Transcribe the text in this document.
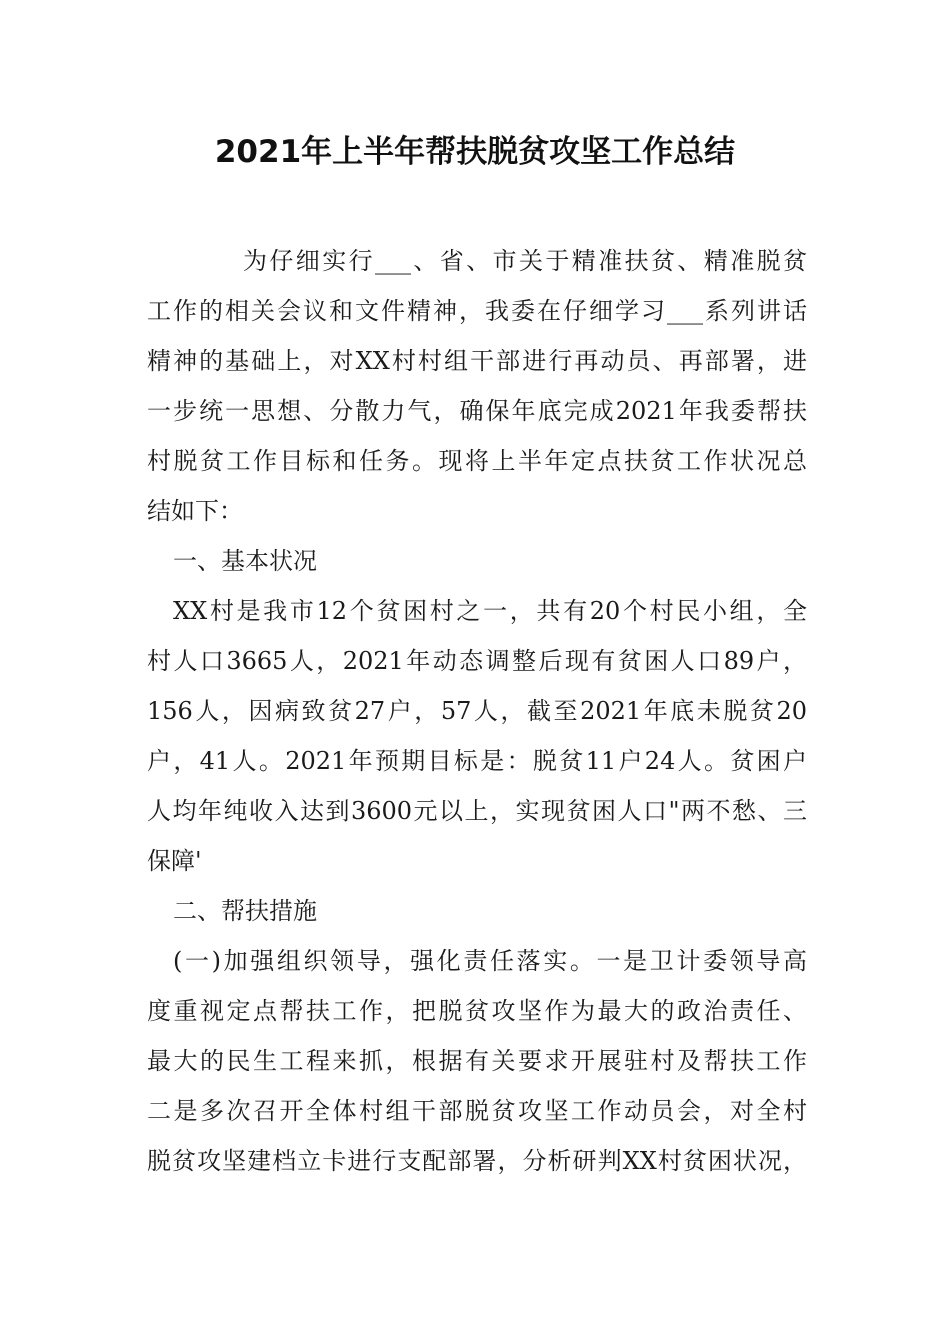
2021年上半年帮扶脱贫攻坚工作总结
为仔细实行___、省、市关于精准扶贫、精准脱贫
工作的相关会议和文件精神，我委在仔细学习___系列讲话
精神的基础上，对XX村村组干部进行再动员、再部署，进
一步统一思想、分散力气，确保年底完成2021年我委帮扶
村脱贫工作目标和任务。现将上半年定点扶贫工作状况总
结如下：
一、基本状况
XX村是我市12个贫困村之一，共有20个村民小组，全
村人口3665人，2021年动态调整后现有贫困人口89户，
156人，因病致贫27户，57人，截至2021年底未脱贫20
户，41人。2021年预期目标是：脱贫11户24人。贫困户
人均年纯收入达到3600元以上，实现贫困人口"两不愁、三
保障'
二、帮扶措施
(一)加强组织领导，强化责任落实。一是卫计委领导高
度重视定点帮扶工作，把脱贫攻坚作为最大的政治责任、
最大的民生工程来抓，根据有关要求开展驻村及帮扶工作
二是多次召开全体村组干部脱贫攻坚工作动员会，对全村
脱贫攻坚建档立卡进行支配部署，分析研判XX村贫困状况，
